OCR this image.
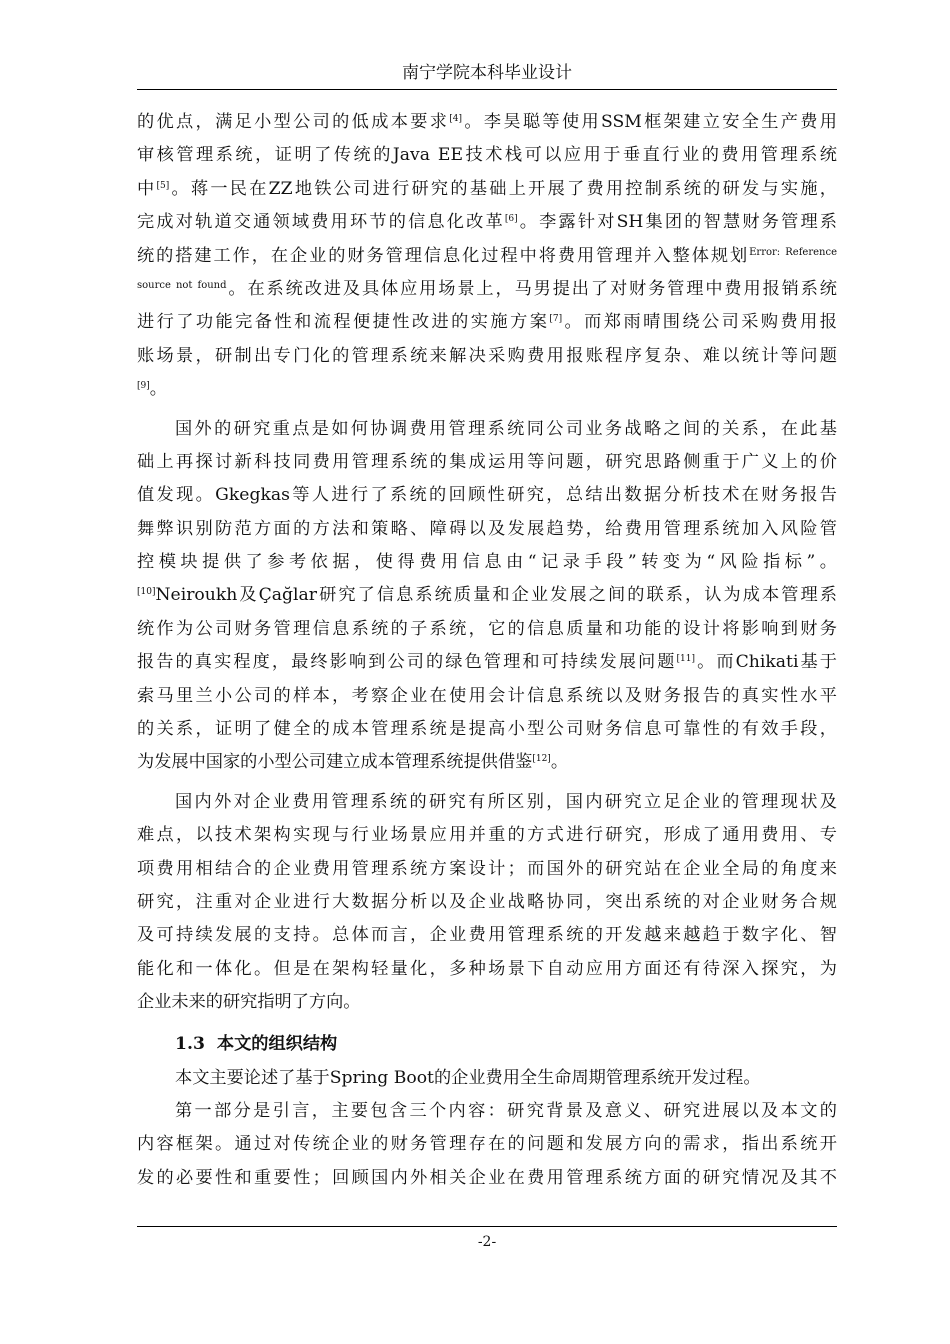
南宁学院本科毕业设计
的优点，满足小型公司的低成本要求[4]。李昊聪等使用SSM框架建立安全生产费用
审核管理系统，证明了传统的Java EE技术栈可以应用于垂直行业的费用管理系统
中[5]。蒋一民在ZZ地铁公司进行研究的基础上开展了费用控制系统的研发与实施，
完成对轨道交通领域费用环节的信息化改革[6]。李露针对SH集团的智慧财务管理系
统的搭建工作，在企业的财务管理信息化过程中将费用管理并入整体规划$^{Error: Reference}$
$^{source not found}$。在系统改进及具体应用场景上，马男提出了对财务管理中费用报销系统
进行了功能完备性和流程便捷性改进的实施方案[7]。而郑雨晴围绕公司采购费用报
账场景，研制出专门化的管理系统来解决采购费用报账程序复杂、难以统计等问题
[9]。
国外的研究重点是如何协调费用管理系统同公司业务战略之间的关系，在此基
础上再探讨新科技同费用管理系统的集成运用等问题，研究思路侧重于广义上的价
值发现。Gkegkas等人进行了系统的回顾性研究，总结出数据分析技术在财务报告
舞弊识别防范方面的方法和策略、障碍以及发展趋势，给费用管理系统加入风险管
控模块提供了参考依据，使得费用信息由“记录手段”转变为“风险指标”。
[10]Neiroukh及Çağlar研究了信息系统质量和企业发展之间的联系，认为成本管理系
统作为公司财务管理信息系统的子系统，它的信息质量和功能的设计将影响到财务
报告的真实程度，最终影响到公司的绿色管理和可持续发展问题[11]。而Chikati基于
索马里兰小公司的样本，考察企业在使用会计信息系统以及财务报告的真实性水平
的关系，证明了健全的成本管理系统是提高小型公司财务信息可靠性的有效手段，
为发展中国家的小型公司建立成本管理系统提供借鉴[12]。
国内外对企业费用管理系统的研究有所区别，国内研究立足企业的管理现状及
难点，以技术架构实现与行业场景应用并重的方式进行研究，形成了通用费用、专
项费用相结合的企业费用管理系统方案设计；而国外的研究站在企业全局的角度来
研究，注重对企业进行大数据分析以及企业战略协同，突出系统的对企业财务合规
及可持续发展的支持。总体而言，企业费用管理系统的开发越来越趋于数字化、智
能化和一体化。但是在架构轻量化，多种场景下自动应用方面还有待深入探究，为
企业未来的研究指明了方向。
1.3 本文的组织结构
本文主要论述了基于Spring Boot的企业费用全生命周期管理系统开发过程。
第一部分是引言，主要包含三个内容：研究背景及意义、研究进展以及本文的
内容框架。通过对传统企业的财务管理存在的问题和发展方向的需求，指出系统开
发的必要性和重要性；回顾国内外相关企业在费用管理系统方面的研究情况及其不
-2-
